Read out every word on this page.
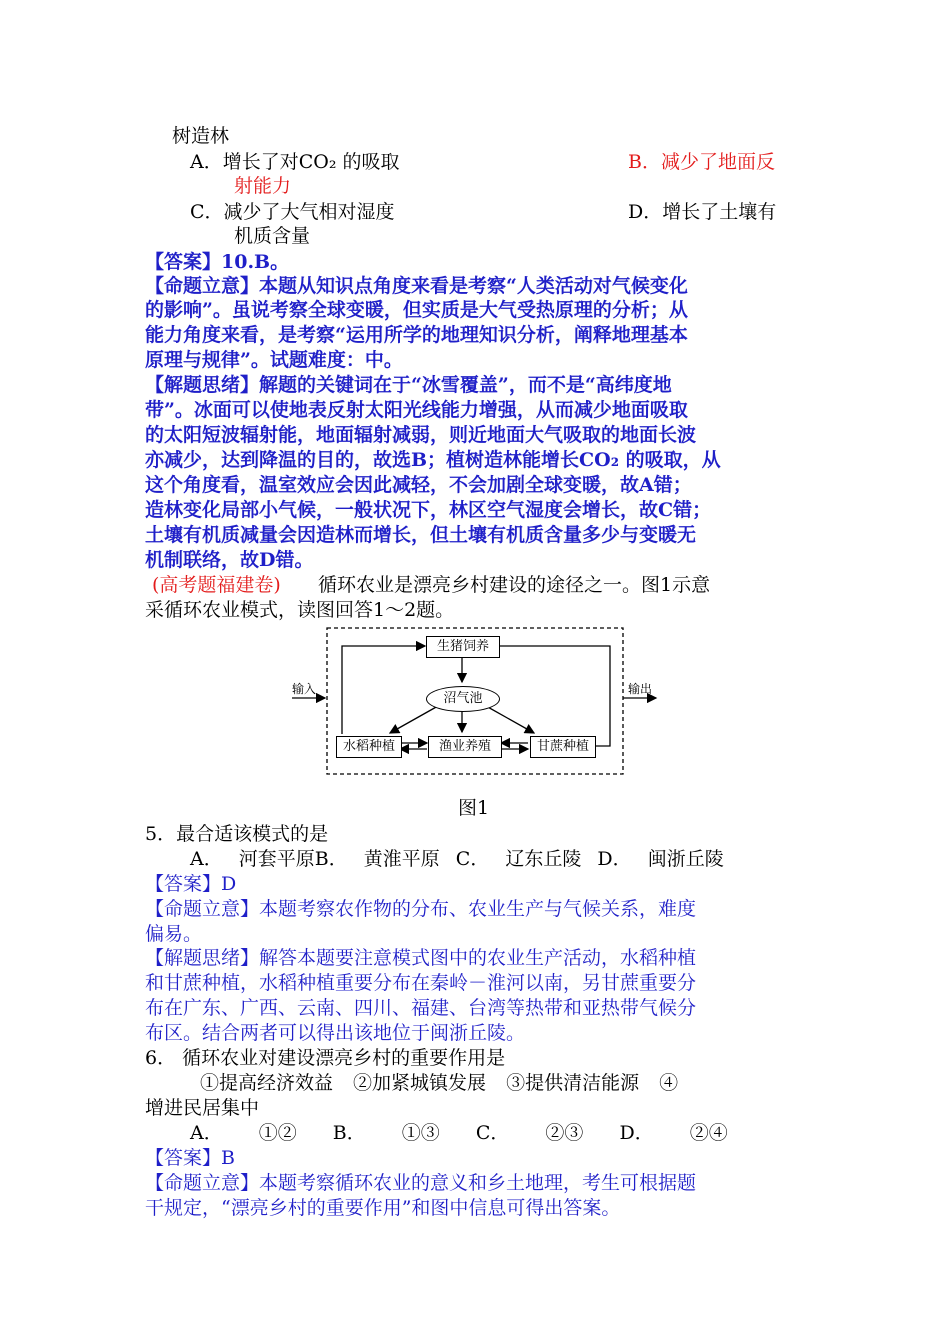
树造林
A．增长了对CO₂ 的吸取	B．减少了地面反
射能力
C．减少了大气相对湿度	D．增长了土壤有
机质含量
【答案】10.B。
【命题立意】本题从知识点角度来看是考察“人类活动对气候变化
的影响”。虽说考察全球变暖，但实质是大气受热原理的分析；从
能力角度来看，是考察“运用所学的地理知识分析，阐释地理基本
原理与规律”。试题难度：中。
【解题思绪】解题的关键词在于“冰雪覆盖”，而不是“高纬度地
带”。冰面可以使地表反射太阳光线能力增强，从而减少地面吸取
的太阳短波辐射能，地面辐射减弱，则近地面大气吸取的地面长波
亦减少，达到降温的目的，故选B；植树造林能增长CO₂ 的吸取，从
这个角度看，温室效应会因此减轻，不会加剧全球变暖，故A错；
造林变化局部小气候，一般状况下，林区空气湿度会增长，故C错；
土壤有机质减量会因造林而增长，但土壤有机质含量多少与变暖无
机制联络，故D错。
(高考题福建卷) 循环农业是漂亮乡村建设的途径之一。图1示意
采循环农业模式，读图回答1～2题。
生猪饲养
沼气池
水稻种植	渔业养殖	甘蔗种植
输入	输出
图1
5．最合适该模式的是
A． 河套平原B． 黄淮平原 C． 辽东丘陵 D． 闽浙丘陵
【答案】D
【命题立意】本题考察农作物的分布、农业生产与气候关系，难度
偏易。
【解题思绪】解答本题要注意模式图中的农业生产活动，水稻种植
和甘蔗种植，水稻种植重要分布在秦岭－淮河以南，另甘蔗重要分
布在广东、广西、云南、四川、福建、台湾等热带和亚热带气候分
布区。结合两者可以得出该地位于闽浙丘陵。
6． 循环农业对建设漂亮乡村的重要作用是
①提高经济效益 ②加紧城镇发展 ③提供清洁能源 ④
增进民居集中
A． ①② B． ①③ C． ②③ D． ②④
【答案】B
【命题立意】本题考察循环农业的意义和乡土地理，考生可根据题
干规定，“漂亮乡村的重要作用”和图中信息可得出答案。
